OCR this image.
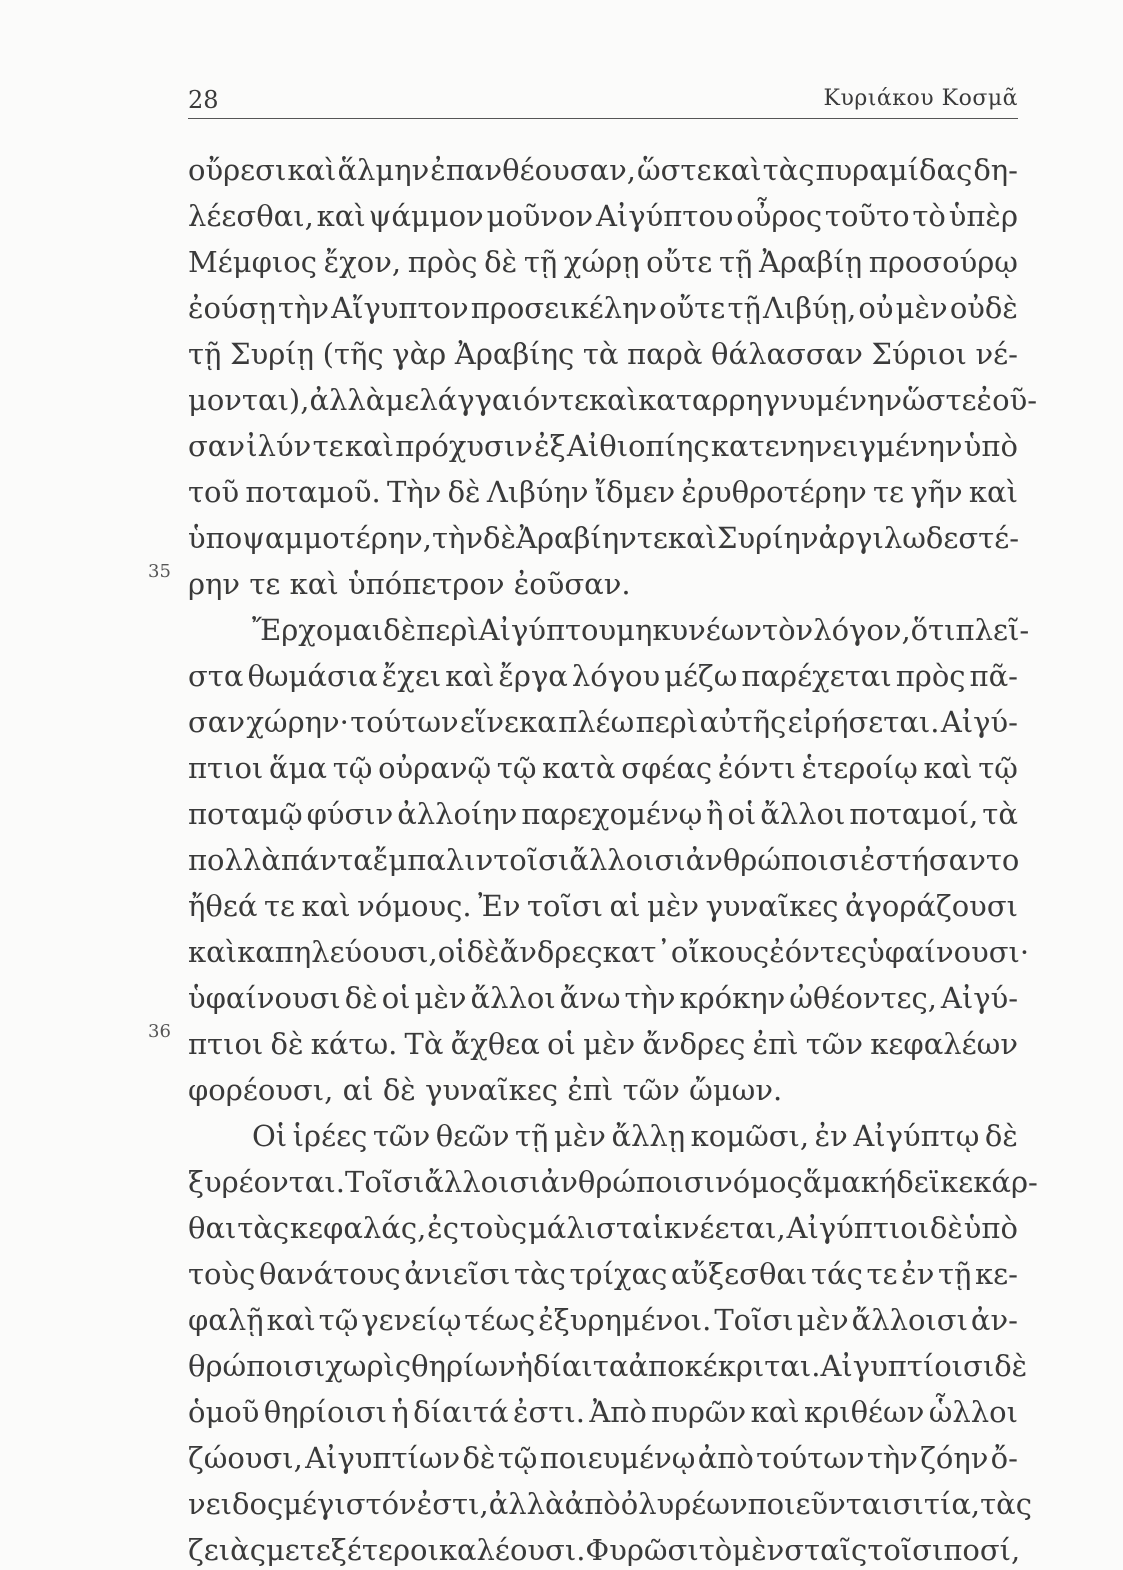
28	Κυριάκου Κοσμᾶ
35
36
οὔρεσι καὶ ἅλμην ἐπανθέουσαν, ὥστε καὶ τὰς πυραμίδας δη-
λέεσθαι, καὶ ψάμμον μοῦνον Αἰγύπτου οὖρος τοῦτο τὸ ὑπὲρ
Μέμφιος ἔχον, πρὸς δὲ τῇ χώρῃ οὔτε τῇ Ἀραβίῃ προσούρῳ
ἐούσῃ τὴν Αἴγυπτον προσεικέλην οὔτε τῇ Λιβύῃ, οὐ μὲν οὐδὲ
τῇ Συρίῃ (τῆς γὰρ Ἀραβίης τὰ παρὰ θάλασσαν Σύριοι νέ-
μονται), ἀλλὰ μελάγγαιόν τε καὶ καταρρηγνυμένην ὥστε ἐοῦ-
σαν ἰλύν τε καὶ πρόχυσιν ἐξ Αἰθιοπίης κατενηνειγμένην ὑπὸ
τοῦ ποταμοῦ. Τὴν δὲ Λιβύην ἴδμεν ἐρυθροτέρην τε γῆν καὶ
ὑποψαμμοτέρην, τὴν δὲ Ἀραβίην τε καὶ Συρίην ἀργιλωδεστέ-
ρην τε καὶ ὑπόπετρον ἐοῦσαν.
Ἔρχομαι δὲ περὶ Αἰγύπτου μηκυνέων τὸν λόγον, ὅτι πλεῖ-
στα θωμάσια ἔχει καὶ ἔργα λόγου μέζω παρέχεται πρὸς πᾶ-
σαν χώρην· τούτων εἵνεκα πλέω περὶ αὐτῆς εἰρήσεται. Αἰγύ-
πτιοι ἅμα τῷ οὐρανῷ τῷ κατὰ σφέας ἐόντι ἑτεροίῳ καὶ τῷ
ποταμῷ φύσιν ἀλλοίην παρεχομένῳ ἢ οἱ ἄλλοι ποταμοί, τὰ
πολλὰ πάντα ἔμπαλιν τοῖσι ἄλλοισι ἀνθρώποισι ἐστήσαντο
ἤθεά τε καὶ νόμους. Ἐν τοῖσι αἱ μὲν γυναῖκες ἀγοράζουσι
καὶ καπηλεύουσι, οἱ δὲ ἄνδρες κατ᾽ οἴκους ἐόντες ὑφαίνουσι·
ὑφαίνουσι δὲ οἱ μὲν ἄλλοι ἄνω τὴν κρόκην ὠθέοντες, Αἰγύ-
πτιοι δὲ κάτω. Τὰ ἄχθεα οἱ μὲν ἄνδρες ἐπὶ τῶν κεφαλέων
φορέουσι, αἱ δὲ γυναῖκες ἐπὶ τῶν ὤμων.
Οἱ ἱρέες τῶν θεῶν τῇ μὲν ἄλλῃ κομῶσι, ἐν Αἰγύπτῳ δὲ
ξυρέονται. Τοῖσι ἄλλοισι ἀνθρώποισι νόμος ἅμα κήδεϊ κεκάρ-
θαι τὰς κεφαλάς, ἐς τοὺς μάλιστα ἱκνέεται, Αἰγύπτιοι δὲ ὑπὸ
τοὺς θανάτους ἀνιεῖσι τὰς τρίχας αὔξεσθαι τάς τε ἐν τῇ κε-
φαλῇ καὶ τῷ γενείῳ τέως ἐξυρημένοι. Τοῖσι μὲν ἄλλοισι ἀν-
θρώποισι χωρὶς θηρίων ἡ δίαιτα ἀποκέκριται. Αἰγυπτίοισι δὲ
ὁμοῦ θηρίοισι ἡ δίαιτά ἐστι. Ἀπὸ πυρῶν καὶ κριθέων ὧλλοι
ζώουσι, Αἰγυπτίων δὲ τῷ ποιευμένῳ ἀπὸ τούτων τὴν ζόην ὄ-
νειδος μέγιστόν ἐστι, ἀλλὰ ἀπὸ ὀλυρέων ποιεῦνται σιτία, τὰς
ζειὰς μετεξέτεροι καλέουσι. Φυρῶσι τὸ μὲν σταῖς τοῖσι ποσί,
